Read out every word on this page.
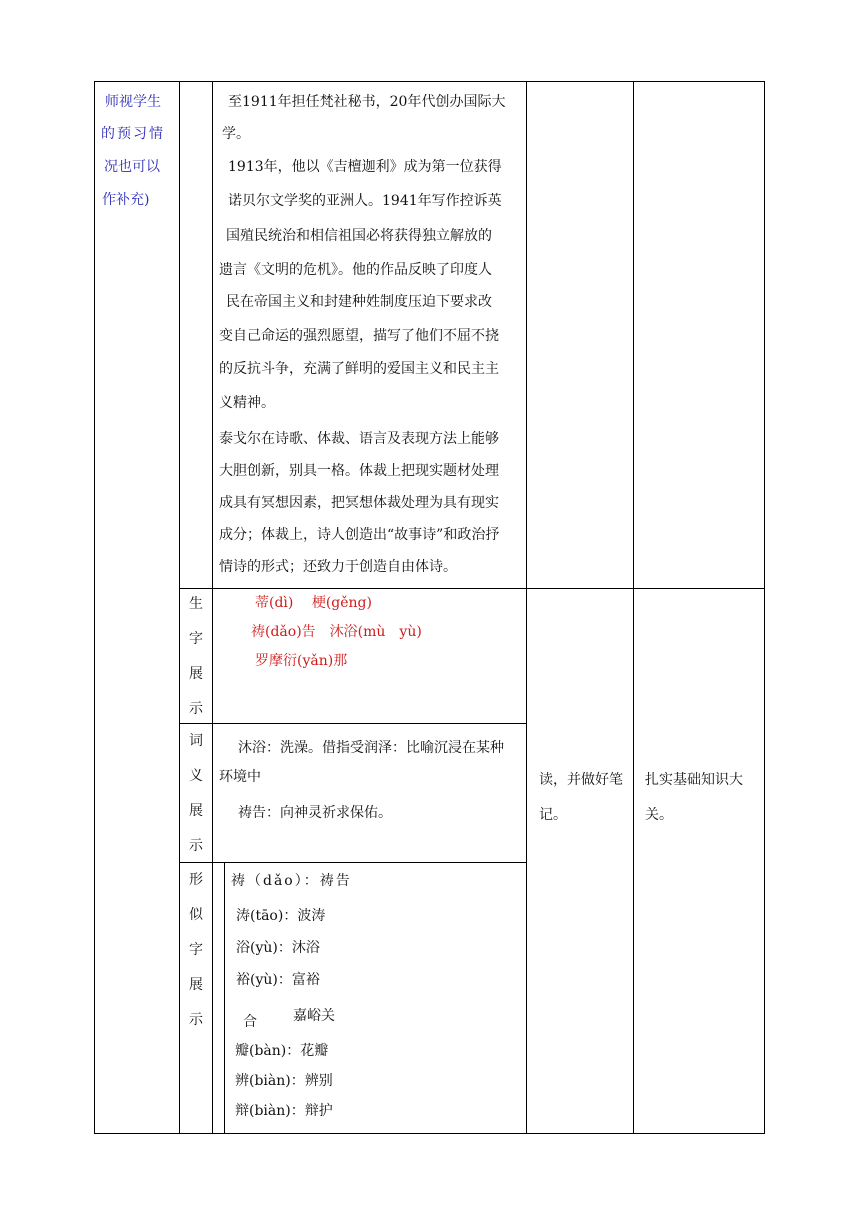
师视学生
的预习情
况也可以
作补充)
至1911年担任梵社秘书，20年代创办国际大
学。
1913年，他以《吉檀迦利》成为第一位获得
诺贝尔文学奖的亚洲人。1941年写作控诉英
国殖民统治和相信祖国必将获得独立解放的
遗言《文明的危机》。他的作品反映了印度人
民在帝国主义和封建种姓制度压迫下要求改
变自己命运的强烈愿望，描写了他们不屈不挠
的反抗斗争，充满了鲜明的爱国主义和民主主
义精神。
泰戈尔在诗歌、体裁、语言及表现方法上能够
大胆创新，别具一格。体裁上把现实题材处理
成具有冥想因素，把冥想体裁处理为具有现实
成分；体裁上，诗人创造出“故事诗”和政治抒
情诗的形式；还致力于创造自由体诗。
生
字
展
示
词
义
展
示
形
似
字
展
示
蒂(dì)　 梗(gěng)
祷(dǎo)告　沐浴(mù　yù)
罗摩衍(yǎn)那
沐浴：洗澡。借指受润泽：比喻沉浸在某种
环境中
祷告：向神灵祈求保佑。
祷（dǎo）：祷告
涛(tāo)：波涛
浴(yù)：沐浴
裕(yù)：富裕
合	嘉峪关
瓣(bàn)：花瓣
辨(biàn)：辨别
辩(biàn)：辩护
读，并做好笔
记。
扎实基础知识大
关。
